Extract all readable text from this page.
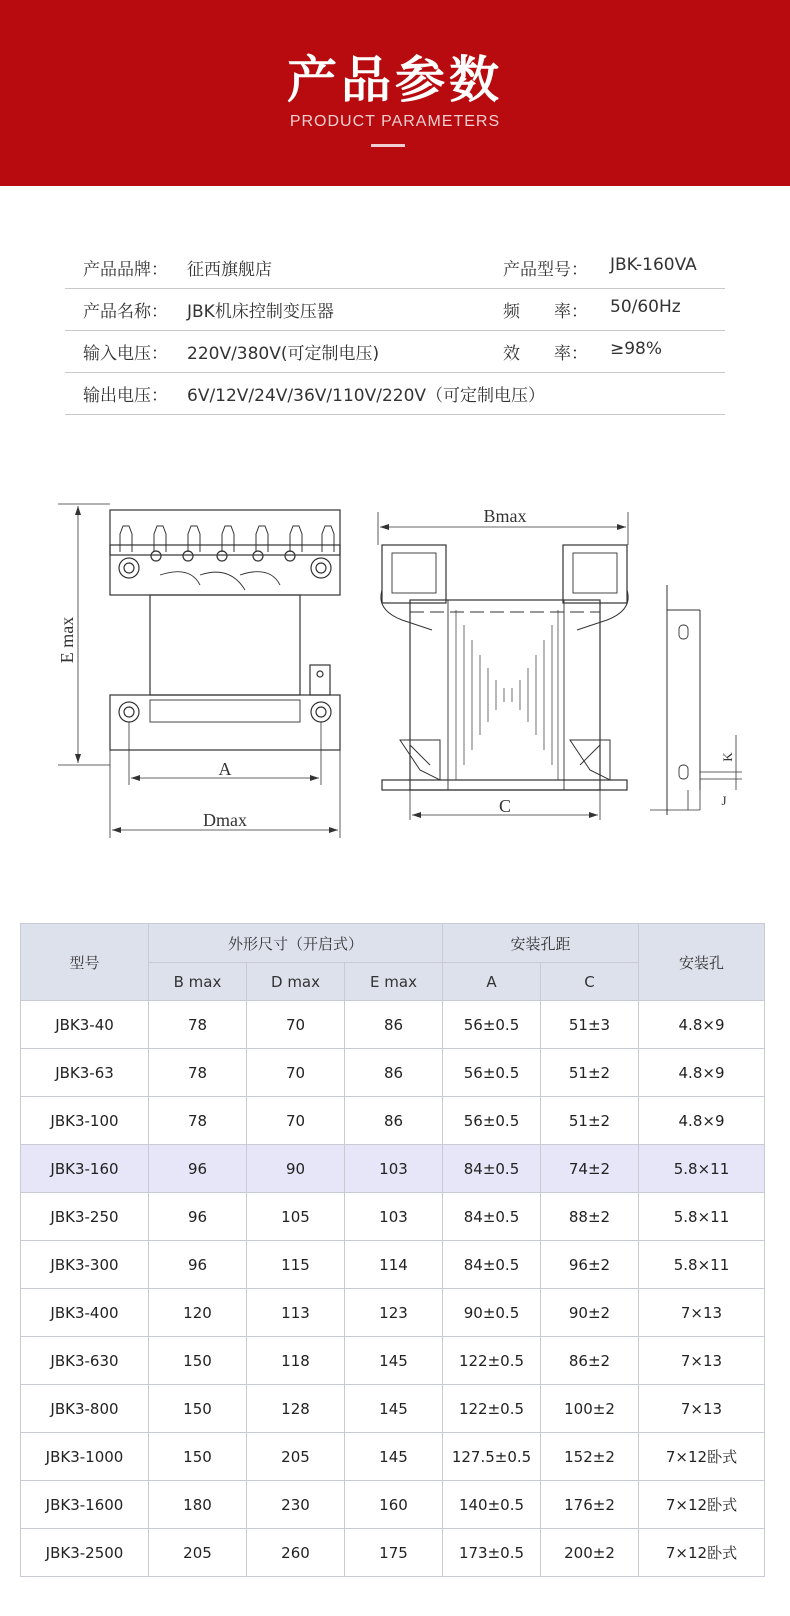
产品参数
PRODUCT PARAMETERS
产品品牌： 征西旗舰店	产品型号： JBK-160VA
产品名称： JBK机床控制变压器	频　　率： 50/60Hz
输入电压： 220V/380V(可定制电压)	效　　率： ≥98%
输出电压： 6V/12V/24V/36V/110V/220V（可定制电压）
E max
A
Dmax
Bmax
C
K
J
型号	外形尺寸（开启式）			安装孔距		安装孔
	B max	D max	E max	A	C	
JBK3-40	78	70	86	56±0.5	51±3	4.8×9
JBK3-63	78	70	86	56±0.5	51±2	4.8×9
JBK3-100	78	70	86	56±0.5	51±2	4.8×9
JBK3-160	96	90	103	84±0.5	74±2	5.8×11
JBK3-250	96	105	103	84±0.5	88±2	5.8×11
JBK3-300	96	115	114	84±0.5	96±2	5.8×11
JBK3-400	120	113	123	90±0.5	90±2	7×13
JBK3-630	150	118	145	122±0.5	86±2	7×13
JBK3-800	150	128	145	122±0.5	100±2	7×13
JBK3-1000	150	205	145	127.5±0.5	152±2	7×12卧式
JBK3-1600	180	230	160	140±0.5	176±2	7×12卧式
JBK3-2500	205	260	175	173±0.5	200±2	7×12卧式
